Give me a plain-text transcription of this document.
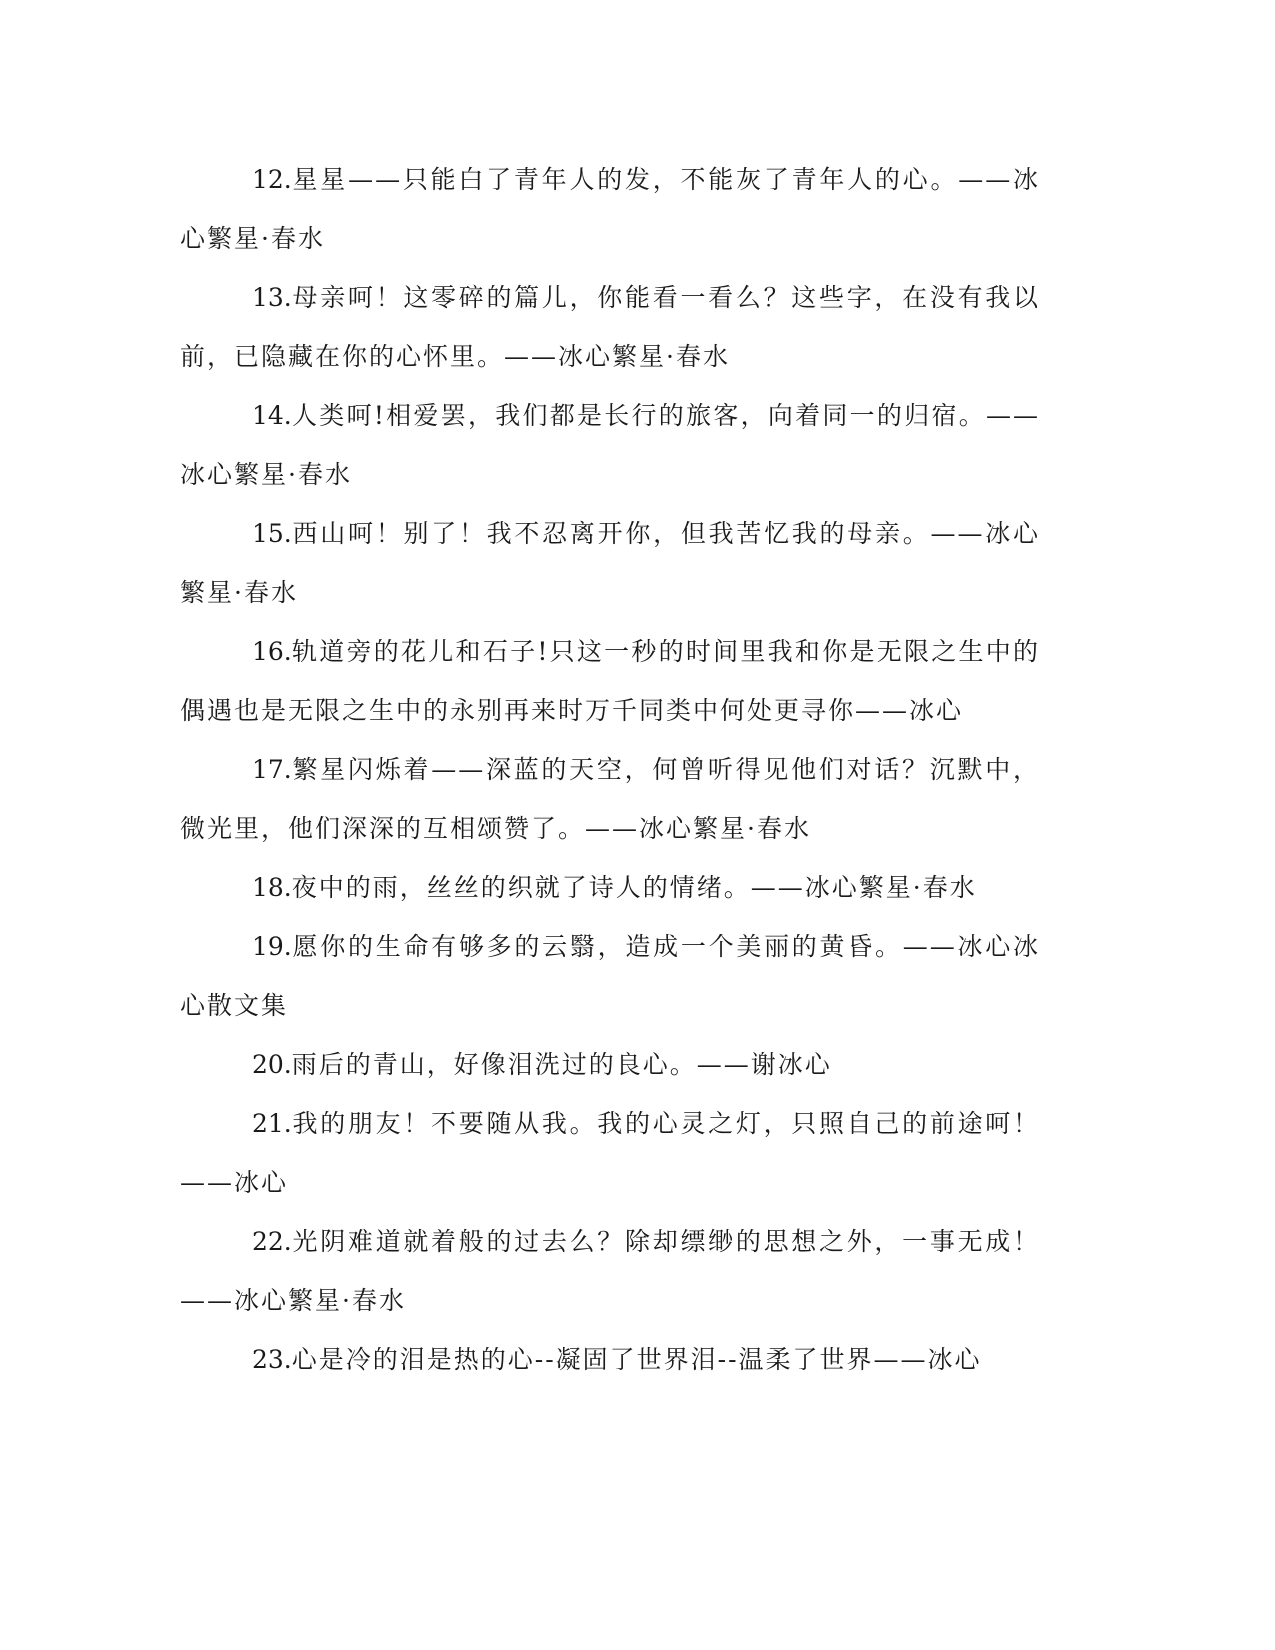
12.星星——只能白了青年人的发，不能灰了青年人的心。——冰心繁星·春水

13.母亲呵！这零碎的篇儿，你能看一看么？这些字，在没有我以前，已隐藏在你的心怀里。——冰心繁星·春水

14.人类呵!相爱罢，我们都是长行的旅客，向着同一的归宿。——冰心繁星·春水

15.西山呵！别了！我不忍离开你，但我苦忆我的母亲。——冰心繁星·春水

16.轨道旁的花儿和石子!只这一秒的时间里我和你是无限之生中的偶遇也是无限之生中的永别再来时万千同类中何处更寻你——冰心

17.繁星闪烁着——深蓝的天空，何曾听得见他们对话？沉默中，微光里，他们深深的互相颂赞了。——冰心繁星·春水

18.夜中的雨，丝丝的织就了诗人的情绪。——冰心繁星·春水

19.愿你的生命有够多的云翳，造成一个美丽的黄昏。——冰心冰心散文集

20.雨后的青山，好像泪洗过的良心。——谢冰心

21.我的朋友！不要随从我。我的心灵之灯，只照自己的前途呵！——冰心

22.光阴难道就着般的过去么？除却缥缈的思想之外，一事无成！——冰心繁星·春水

23.心是冷的泪是热的心--凝固了世界泪--温柔了世界——冰心
